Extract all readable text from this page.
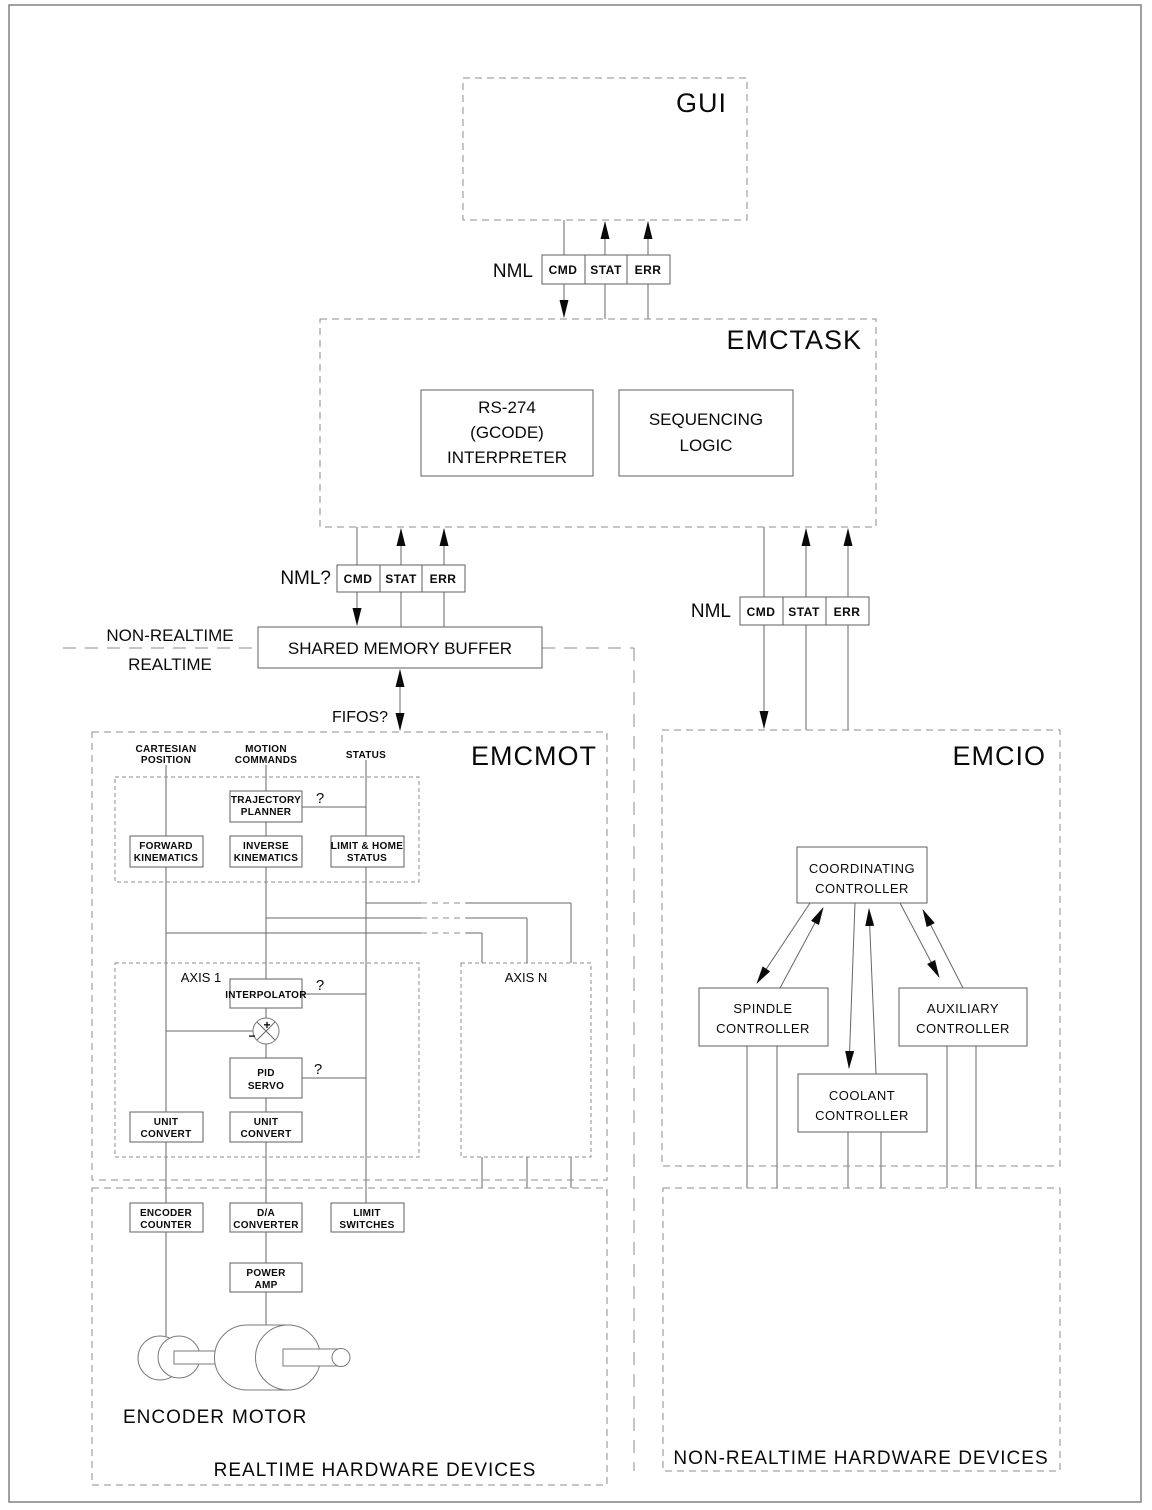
+
−
GUI
NML CMD STAT ERR
EMCTASK
RS-274
(GCODE)
INTERPRETER
SEQUENCING
LOGIC
NML? CMD STAT ERR
NML CMD STAT ERR
NON-REALTIME
REALTIME
SHARED MEMORY BUFFER
FIFOS?
EMCMOT	EMCIO
CARTESIAN
POSITION
MOTION
COMMANDS	STATUS
TRAJECTORY
PLANNER
?
FORWARD
KINEMATICS
INVERSE
KINEMATICS
LIMIT & HOME
STATUS
AXIS 1	AXIS N
INTERPOLATOR
?
PID
SERVO
?
UNIT
CONVERT
UNIT
CONVERT
ENCODER
COUNTER
D/A
CONVERTER
LIMIT
SWITCHES
POWER
AMP
ENCODER MOTOR
REALTIME HARDWARE DEVICES
NON-REALTIME HARDWARE DEVICES
COORDINATING
CONTROLLER
SPINDLE
CONTROLLER
AUXILIARY
CONTROLLER
COOLANT
CONTROLLER
